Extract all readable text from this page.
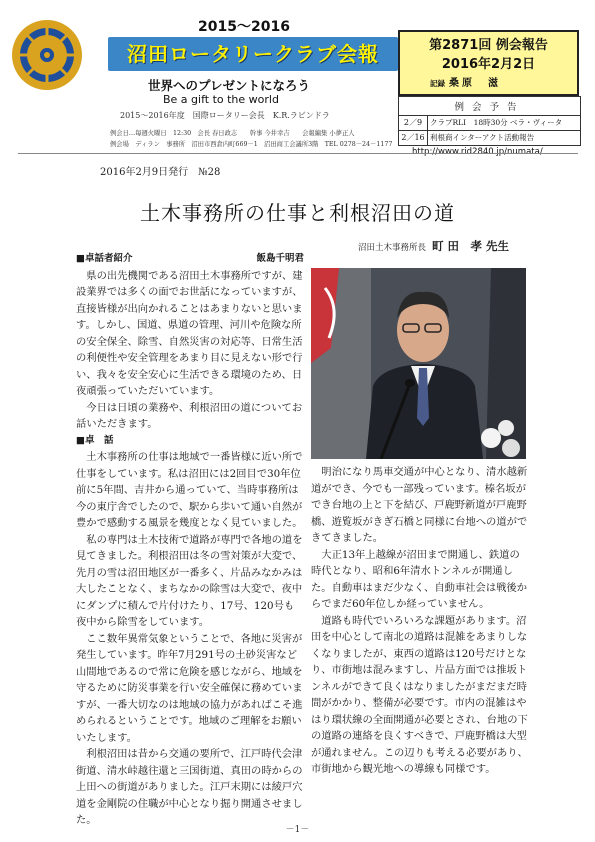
2015～2016
沼田ロータリークラブ会報
世界へのプレゼントになろう
Be a gift to the world
2015～2016年度　国際ロータリー会長　K.R.ラビンドラ
第2871回 例会報告
2016年2月2日
記録 桑原　滋
例会予告
2／9	クラブRLI　18時30分 ベラ・ヴィータ
2／16 利根商インターアクト活動報告
http://www.rid2840.jp/numata/
例会日…毎週火曜日　12:30　会長 春日政志　　幹事 今井幸吉　　会報編集 小夢正人
例会場　ディラン　事務所　沼田市西倉内町669－1　沼田商工会議所3階　TEL 0278－24－1177
2016年2月9日発行　№28
土木事務所の仕事と利根沼田の道
沼田土木事務所長 町 田　孝 先生
■卓話者紹介	飯島千明君

県の出先機関である沼田土木事務所ですが、建設業界では多くの面でお世話になっていますが、直接皆様が出向かれることはあまりないと思います。しかし、国道、県道の管理、河川や危険な所の安全保全、除雪、自然災害の対応等、日常生活の利便性や安全管理をあまり目に見えない形で行い、我々を安全安心に生活できる環境のため、日夜頑張っていただいています。

今日は日頃の業務や、利根沼田の道についてお話いただきます。

■卓　話

土木事務所の仕事は地域で一番皆様に近い所で仕事をしています。私は沼田には2回目で30年位前に5年間、吉井から通っていて、当時事務所は今の東庁舎でしたので、駅から歩いて通い自然が豊かで感動する風景を幾度となく見ていました。

私の専門は土木技術で道路が専門で各地の道を見てきました。利根沼田は冬の雪対策が大変で、先月の雪は沼田地区が一番多く、片品みなかみは大したことなく、まちなかの除雪は大変で、夜中にダンプに積んで片付けたり、17号、120号も夜中から除雪をしています。

ここ数年異常気象ということで、各地に災害が発生しています。昨年7月291号の土砂災害など山間地であるので常に危険を感じながら、地域を守るために防災事業を行い安全確保に務めていますが、一番大切なのは地域の協力があればこそ進められるということです。地域のご理解をお願いいたします。

利根沼田は昔から交通の要所で、江戸時代会津街道、清水峠越往還と三国街道、真田の時からの上田への街道がありました。江戸末期には綾戸穴道を金剛院の住職が中心となり掘り開通させました。

明治になり馬車交通が中心となり、清水越新道ができ、今でも一部残っています。榛名坂ができ台地の上と下を結び、戸鹿野新道が戸鹿野橋、遊覧坂がきぎ石橋と同様に台地への道ができてきました。

大正13年上越線が沼田まで開通し、鉄道の時代となり、昭和6年清水トンネルが開通した。自動車はまだ少なく、自動車社会は戦後からでまだ60年位しか経っていません。

道路も時代でいろいろな課題があります。沼田を中心として南北の道路は混雑をあまりしなくなりましたが、東西の道路は120号だけとなり、市街地は混みますし、片品方面では推坂トンネルができて良くはなりましたがまだまだ時間がかかり、整備が必要です。市内の混雑はやはり環状線の全面開通が必要とされ、台地の下の道路の連絡を良くすべきで、戸鹿野橋は大型が通れません。この辺りも考える必要があり、市街地から観光地への導線も同様です。

－1－
